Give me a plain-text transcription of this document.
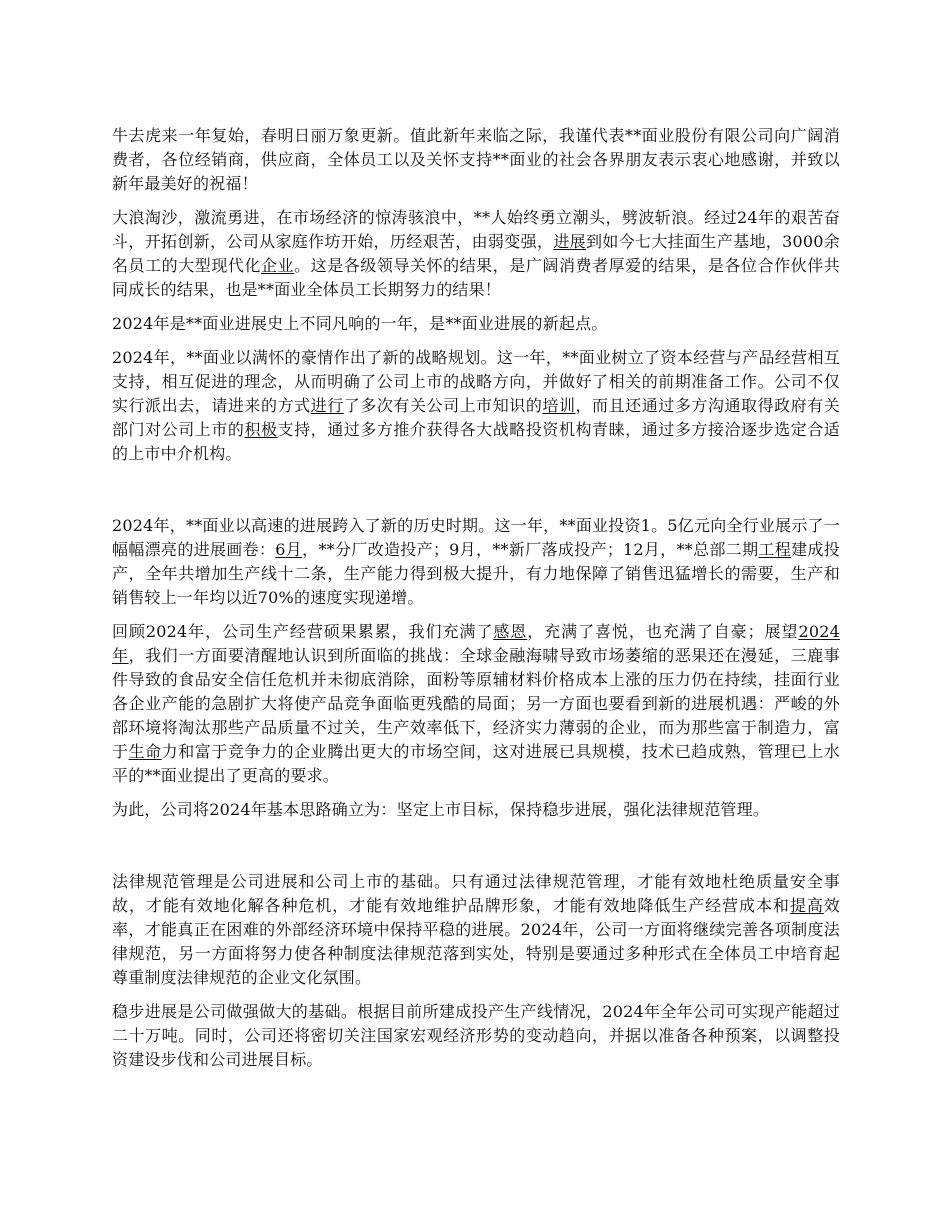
牛去虎来一年复始，春明日丽万象更新。值此新年来临之际，我谨代表**面业股份有限公司向广阔消费者，各位经销商，供应商，全体员工以及关怀支持**面业的社会各界朋友表示衷心地感谢，并致以新年最美好的祝福！

大浪淘沙，激流勇进，在市场经济的惊涛骇浪中，**人始终勇立潮头，劈波斩浪。经过24年的艰苦奋斗，开拓创新，公司从家庭作坊开始，历经艰苦，由弱变强，进展到如今七大挂面生产基地，3000余名员工的大型现代化企业。这是各级领导关怀的结果，是广阔消费者厚爱的结果，是各位合作伙伴共同成长的结果，也是**面业全体员工长期努力的结果！

2024年是**面业进展史上不同凡响的一年，是**面业进展的新起点。

2024年，**面业以满怀的豪情作出了新的战略规划。这一年，**面业树立了资本经营与产品经营相互支持，相互促进的理念，从而明确了公司上市的战略方向，并做好了相关的前期准备工作。公司不仅实行派出去，请进来的方式进行了多次有关公司上市知识的培训，而且还通过多方沟通取得政府有关部门对公司上市的积极支持，通过多方推介获得各大战略投资机构青睐，通过多方接洽逐步选定合适的上市中介机构。

2024年，**面业以高速的进展跨入了新的历史时期。这一年，**面业投资1。5亿元向全行业展示了一幅幅漂亮的进展画卷：6月，**分厂改造投产；9月，**新厂落成投产；12月，**总部二期工程建成投产，全年共增加生产线十二条，生产能力得到极大提升，有力地保障了销售迅猛增长的需要，生产和销售较上一年均以近70%的速度实现递增。

回顾2024年，公司生产经营硕果累累，我们充满了感恩，充满了喜悦，也充满了自豪；展望2024年，我们一方面要清醒地认识到所面临的挑战：全球金融海啸导致市场萎缩的恶果还在漫延，三鹿事件导致的食品安全信任危机并未彻底消除，面粉等原辅材料价格成本上涨的压力仍在持续，挂面行业各企业产能的急剧扩大将使产品竞争面临更残酷的局面；另一方面也要看到新的进展机遇：严峻的外部环境将淘汰那些产品质量不过关，生产效率低下，经济实力薄弱的企业，而为那些富于制造力，富于生命力和富于竞争力的企业腾出更大的市场空间，这对进展已具规模，技术已趋成熟，管理已上水平的**面业提出了更高的要求。

为此，公司将2024年基本思路确立为：坚定上市目标，保持稳步进展，强化法律规范管理。

法律规范管理是公司进展和公司上市的基础。只有通过法律规范管理，才能有效地杜绝质量安全事故，才能有效地化解各种危机，才能有效地维护品牌形象，才能有效地降低生产经营成本和提高效率，才能真正在困难的外部经济环境中保持平稳的进展。2024年，公司一方面将继续完善各项制度法律规范，另一方面将努力使各种制度法律规范落到实处，特别是要通过多种形式在全体员工中培育起尊重制度法律规范的企业文化氛围。

稳步进展是公司做强做大的基础。根据目前所建成投产生产线情况，2024年全年公司可实现产能超过二十万吨。同时，公司还将密切关注国家宏观经济形势的变动趋向，并据以准备各种预案，以调整投资建设步伐和公司进展目标。
